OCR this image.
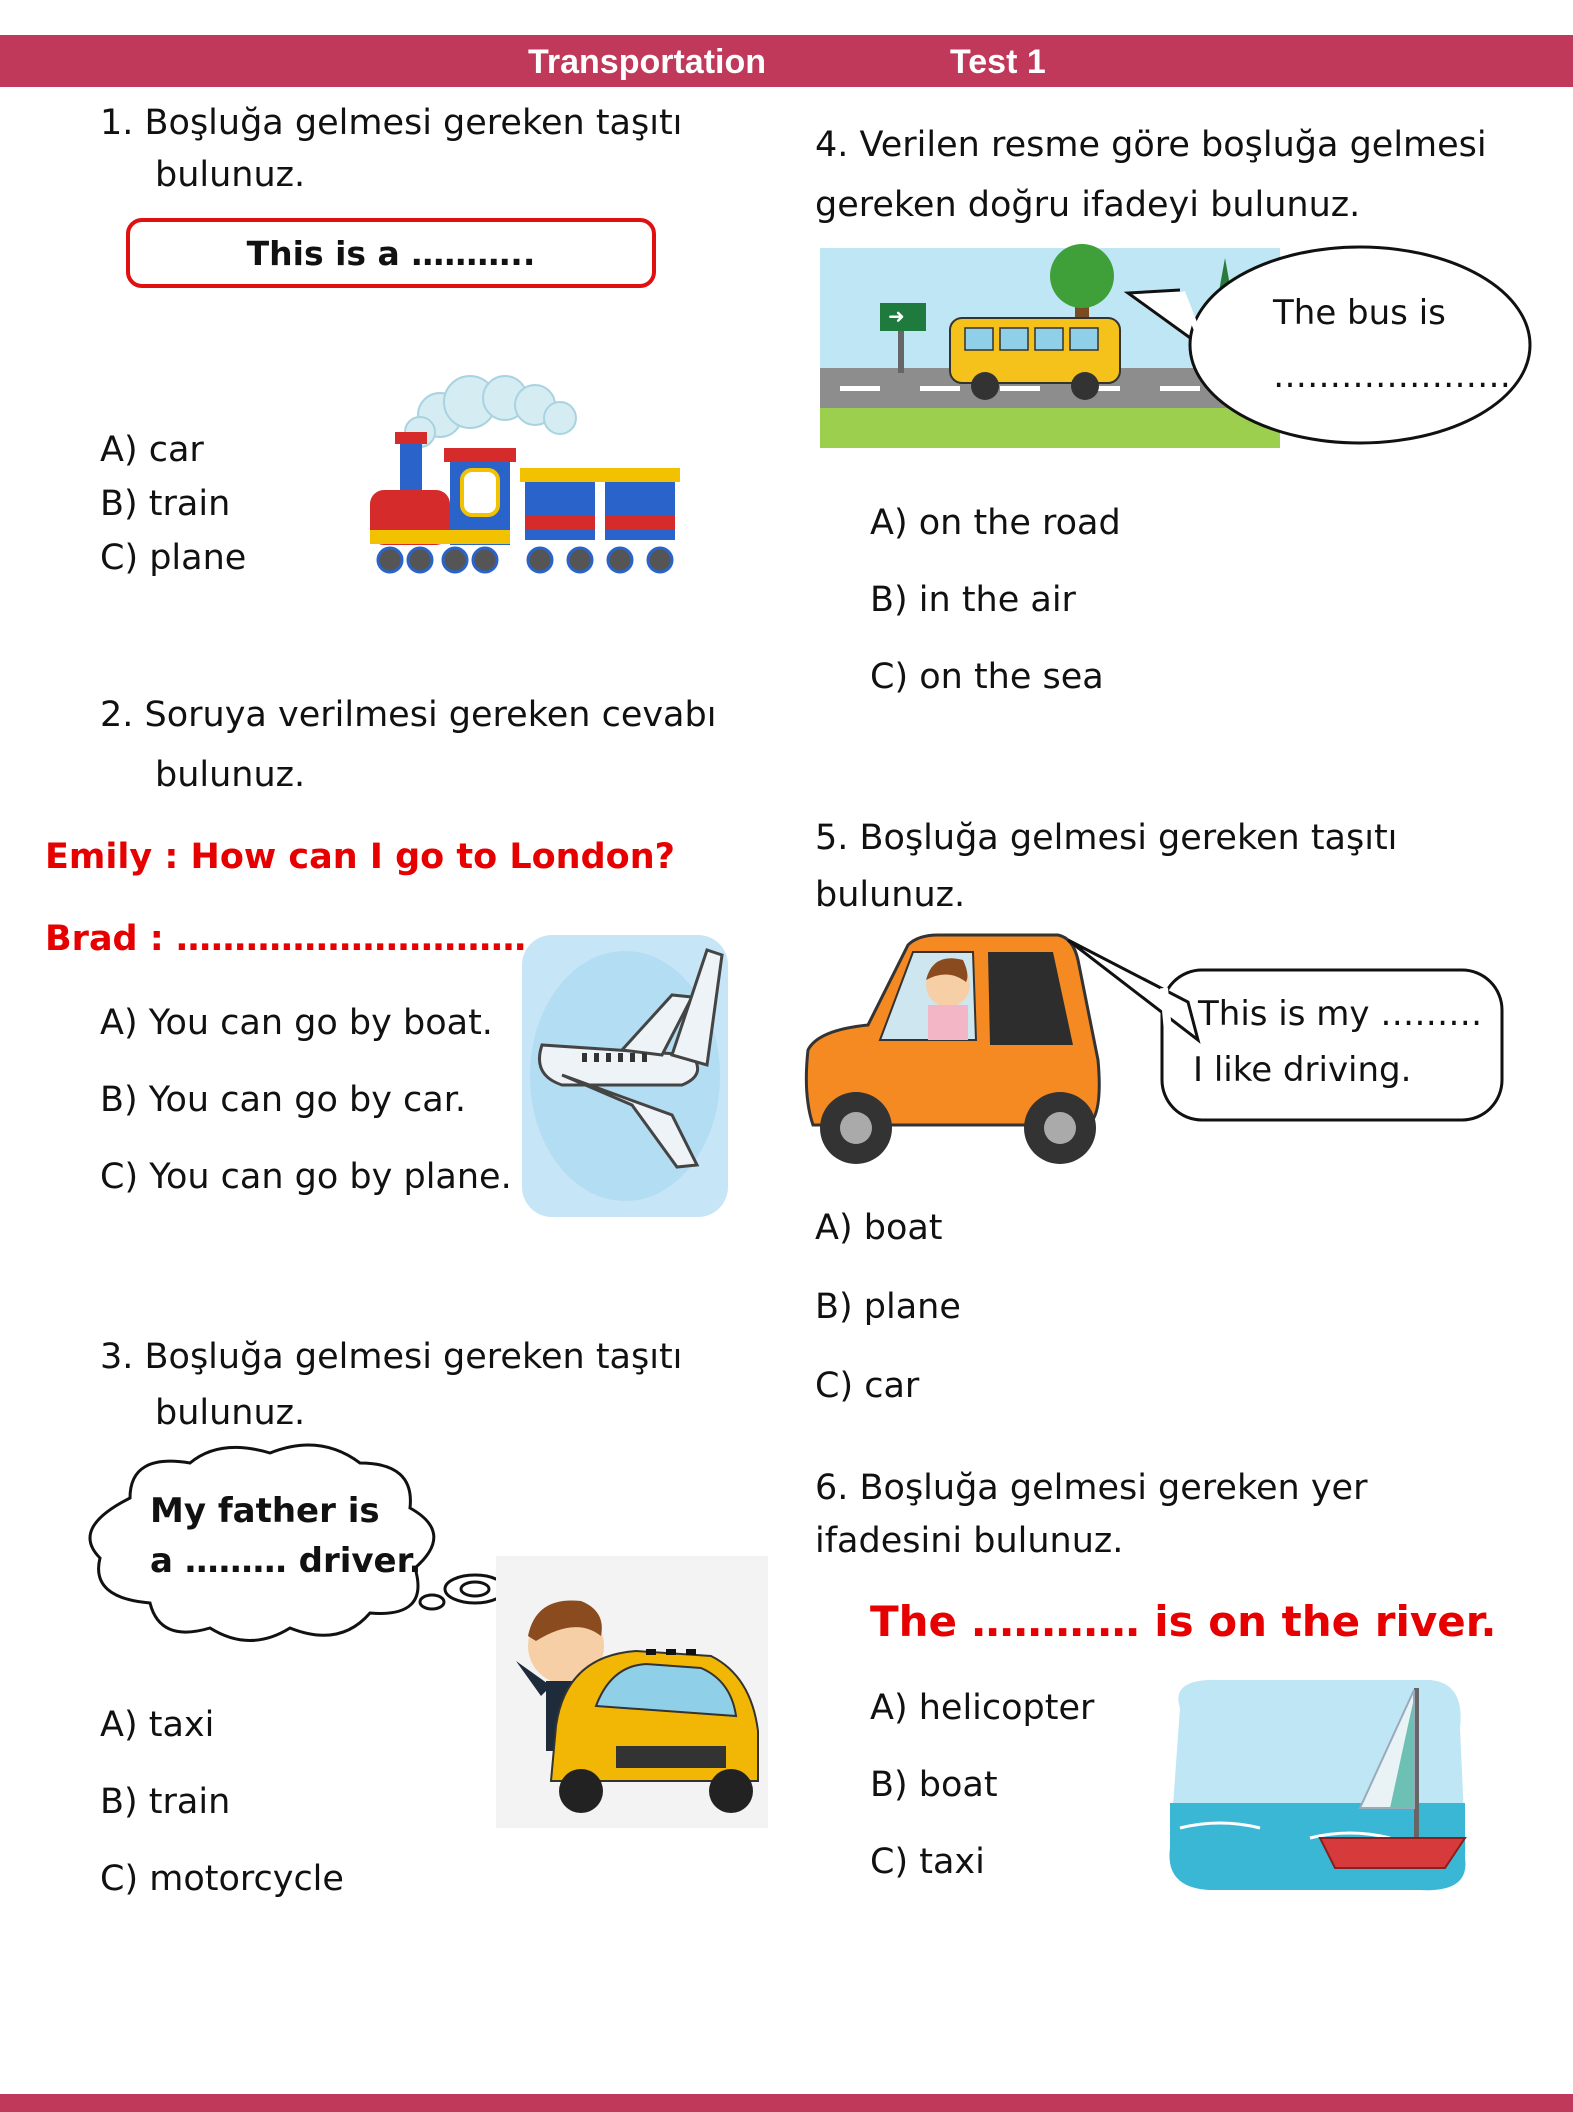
Transportation	Test 1
1. Boşluğa gelmesi gereken taşıtı
bulunuz.
This is a ………..
A) car
B) train
C) plane
2. Soruya verilmesi gereken cevabı
bulunuz.
Emily : How can I go to London?
Brad : …………………………
A) You can go by boat.
B) You can go by car.
C) You can go by plane.
3. Boşluğa gelmesi gereken taşıtı
bulunuz.
My father is
a ……… driver.
A) taxi
B) train
C) motorcycle
4. Verilen resme göre boşluğa gelmesi
gereken doğru ifadeyi bulunuz.
➜	The bus is
…………………
A) on the road
B) in the air
C) on the sea
5. Boşluğa gelmesi gereken taşıtı
bulunuz.
This is my ………
I like driving.
A) boat
B) plane
C) car
6. Boşluğa gelmesi gereken yer
ifadesini bulunuz.
The ………… is on the river.
A) helicopter
B) boat
C) taxi
